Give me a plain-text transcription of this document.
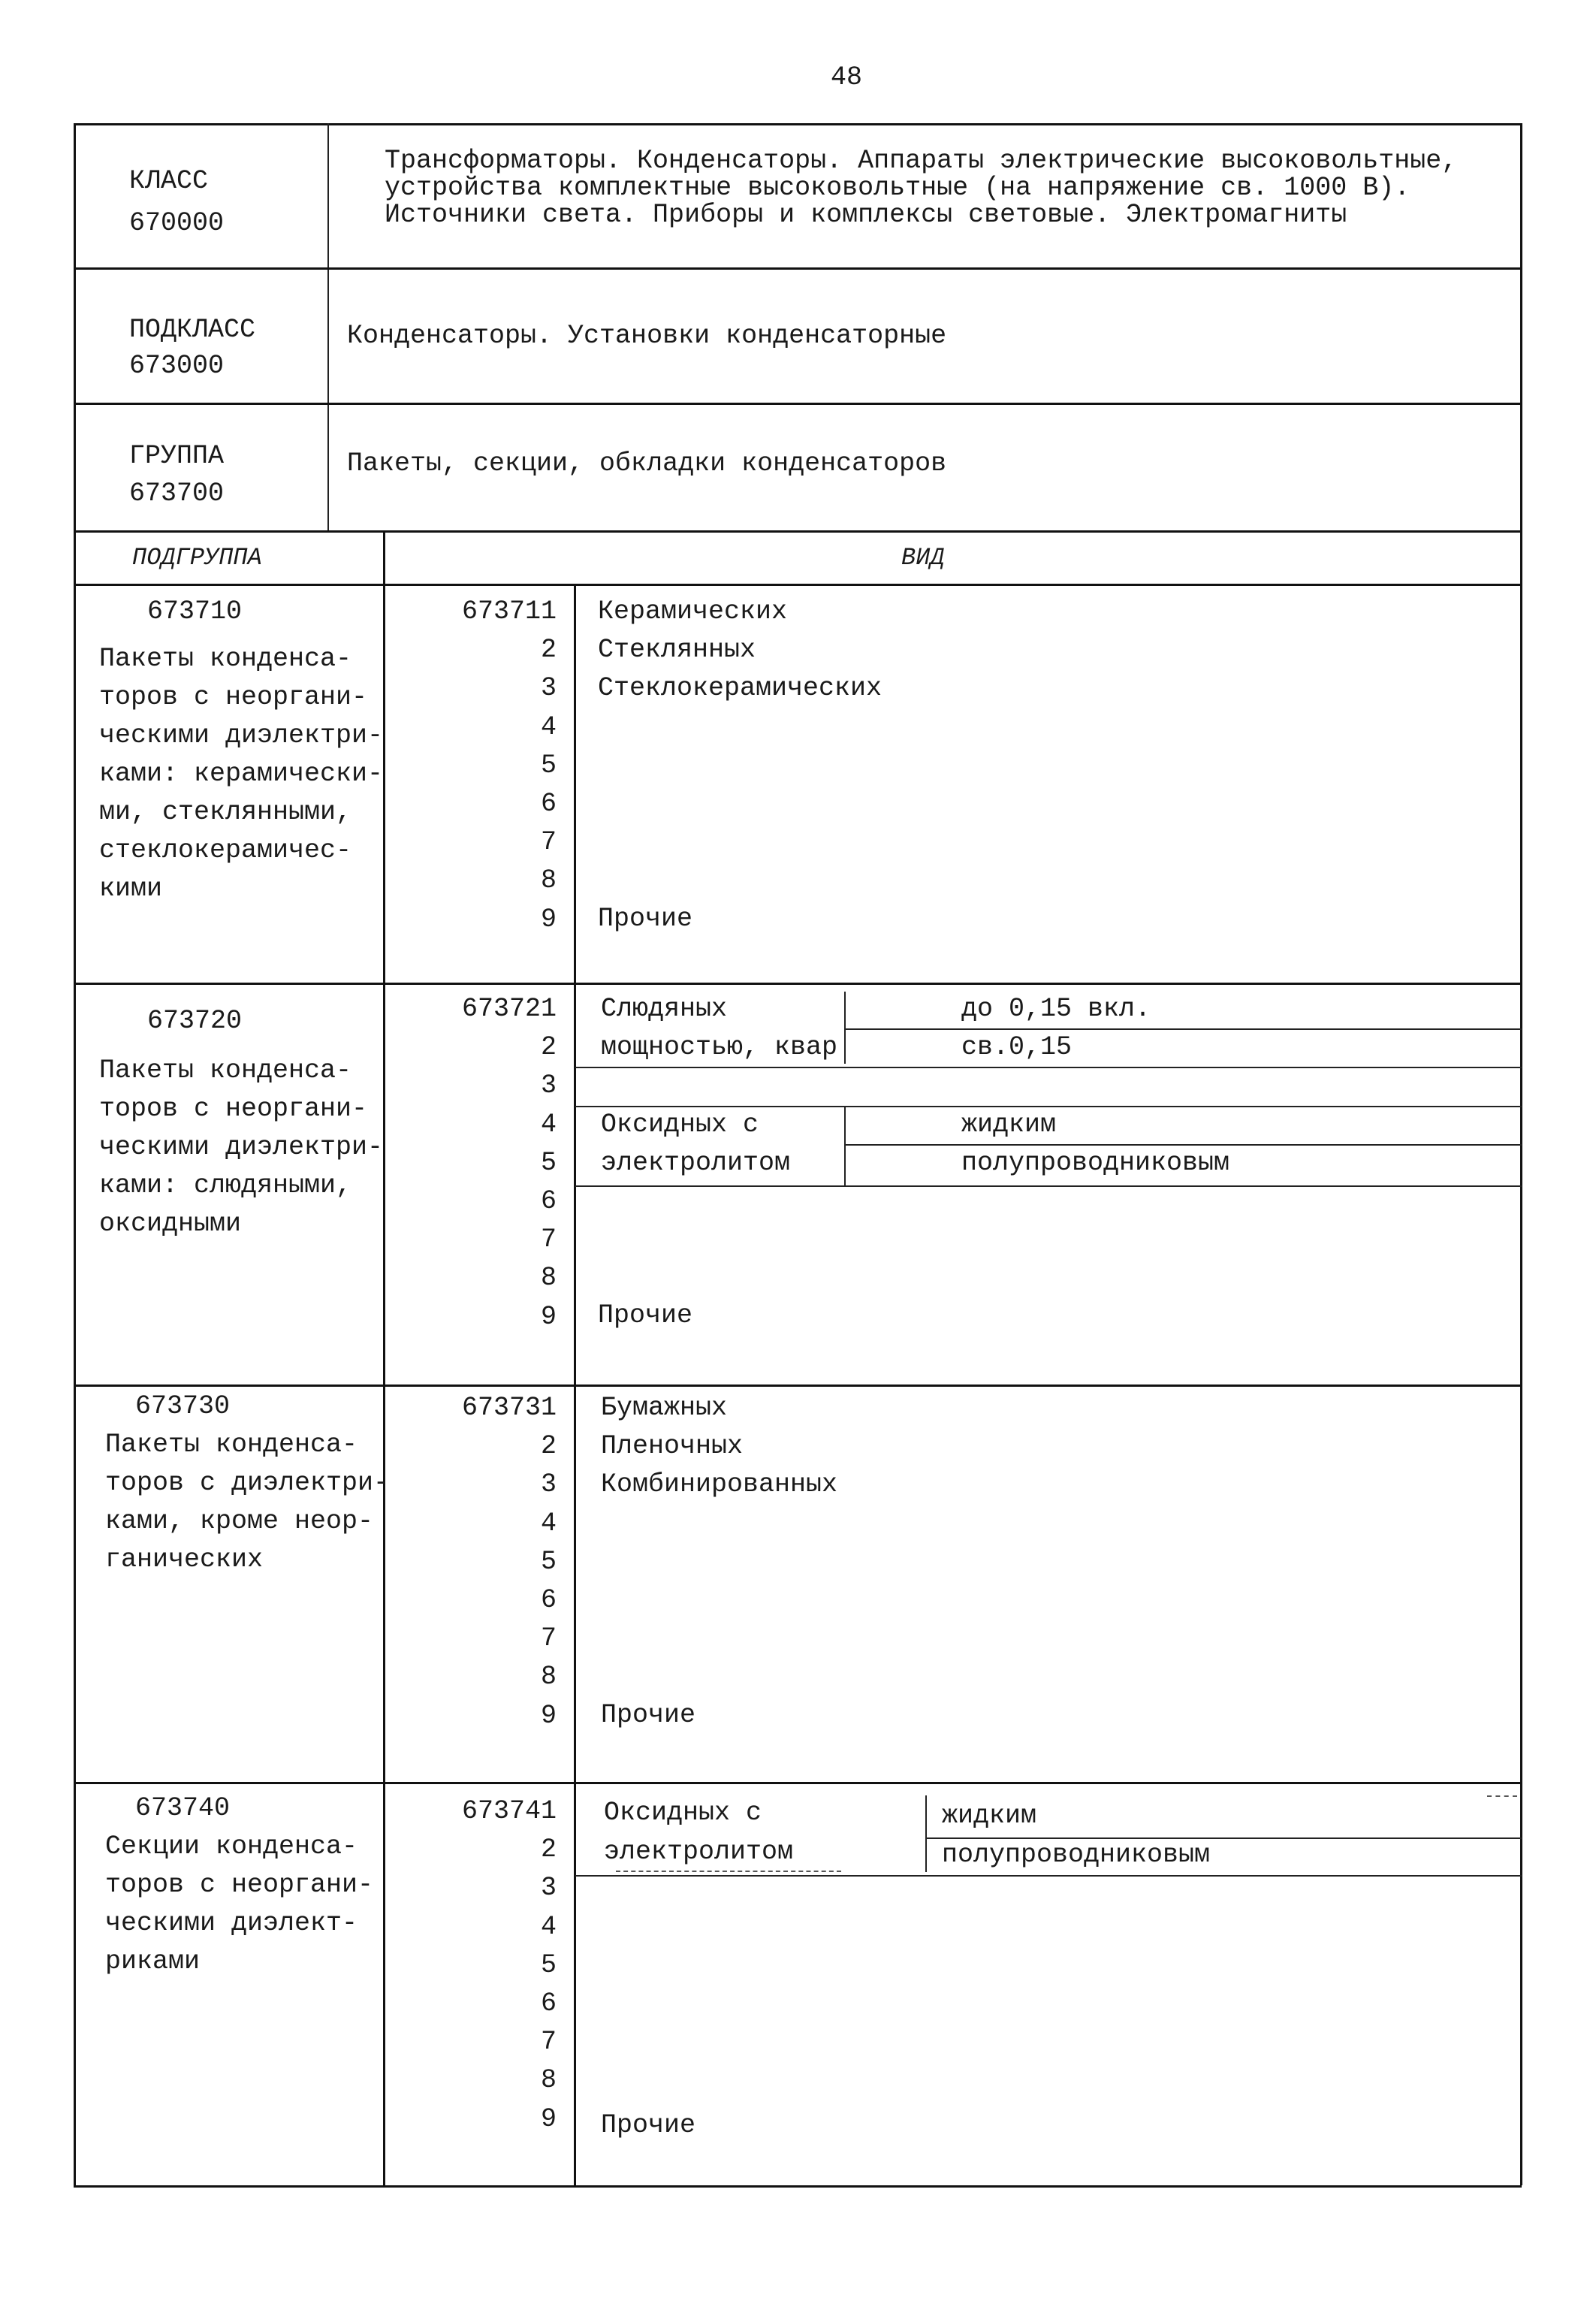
48
КЛАСС
670000
Трансформаторы. Конденсаторы. Аппараты электрические высоковольтные,
устройства комплектные высоковольтные (на напряжение св. 1000 В).
Источники света. Приборы и комплексы световые. Электромагниты
ПОДКЛАСС
673000
Конденсаторы. Установки конденсаторные
ГРУППА
673700
Пакеты, секции, обкладки конденсаторов
ПОДГРУППА	ВИД
673710
Пакеты конденса-
торов с неоргани-
ческими диэлектри-
ками: керамически-
ми, стеклянными,
стеклокерамичес-
кими
673711
2
3
4
5
6
7
8
9
Керамических
Стеклянных
Стеклокерамических
Прочие
673720
Пакеты конденса-
торов с неоргани-
ческими диэлектри-
ками: слюдяными,
оксидными
673721
2
3
4
5
6
7
8
9
Слюдяных
мощностью, квар
до 0,15 вкл.
св.0,15
Оксидных с
электролитом
жидким
полупроводниковым
Прочие
673730
Пакеты конденса-
торов с диэлектри-
ками, кроме неор-
ганических
673731
2
3
4
5
6
7
8
9
Бумажных
Пленочных
Комбинированных
Прочие
673740
Секции конденса-
торов с неоргани-
ческими диэлект-
риками
673741
2
3
4
5
6
7
8
9
Оксидных с
электролитом
жидким
полупроводниковым
Прочие
